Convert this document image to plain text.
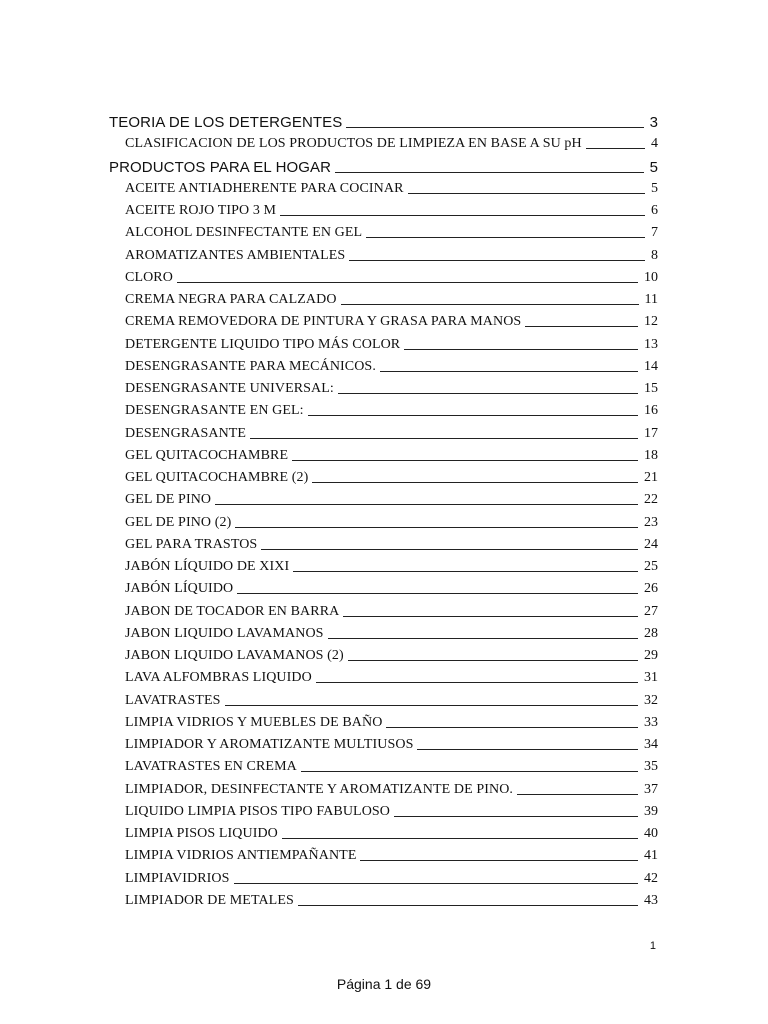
TEORIA DE LOS DETERGENTES	3
CLASIFICACION DE LOS PRODUCTOS DE LIMPIEZA EN BASE A SU pH	4
PRODUCTOS PARA EL HOGAR	5
ACEITE ANTIADHERENTE PARA COCINAR	5
ACEITE ROJO TIPO 3 M	6
ALCOHOL DESINFECTANTE EN GEL	7
AROMATIZANTES AMBIENTALES	8
CLORO	10
CREMA NEGRA PARA CALZADO	11
CREMA REMOVEDORA DE PINTURA Y GRASA PARA MANOS	12
DETERGENTE LIQUIDO TIPO MÁS COLOR	13
DESENGRASANTE PARA MECÁNICOS.	14
DESENGRASANTE UNIVERSAL:	15
DESENGRASANTE EN GEL:	16
DESENGRASANTE	17
GEL QUITACOCHAMBRE	18
GEL QUITACOCHAMBRE (2)	21
GEL DE PINO	22
GEL DE PINO (2)	23
GEL PARA TRASTOS	24
JABÓN LÍQUIDO DE XIXI	25
JABÓN LÍQUIDO	26
JABON DE TOCADOR EN BARRA	27
JABON LIQUIDO LAVAMANOS	28
JABON LIQUIDO LAVAMANOS (2)	29
LAVA ALFOMBRAS LIQUIDO	31
LAVATRASTES	32
LIMPIA VIDRIOS Y MUEBLES DE BAÑO	33
LIMPIADOR Y AROMATIZANTE MULTIUSOS	34
LAVATRASTES EN CREMA	35
LIMPIADOR, DESINFECTANTE Y AROMATIZANTE DE PINO.	37
LIQUIDO LIMPIA PISOS TIPO FABULOSO	39
LIMPIA PISOS LIQUIDO	40
LIMPIA VIDRIOS ANTIEMPAÑANTE	41
LIMPIAVIDRIOS	42
LIMPIADOR DE METALES	43
1
Página 1 de 69
